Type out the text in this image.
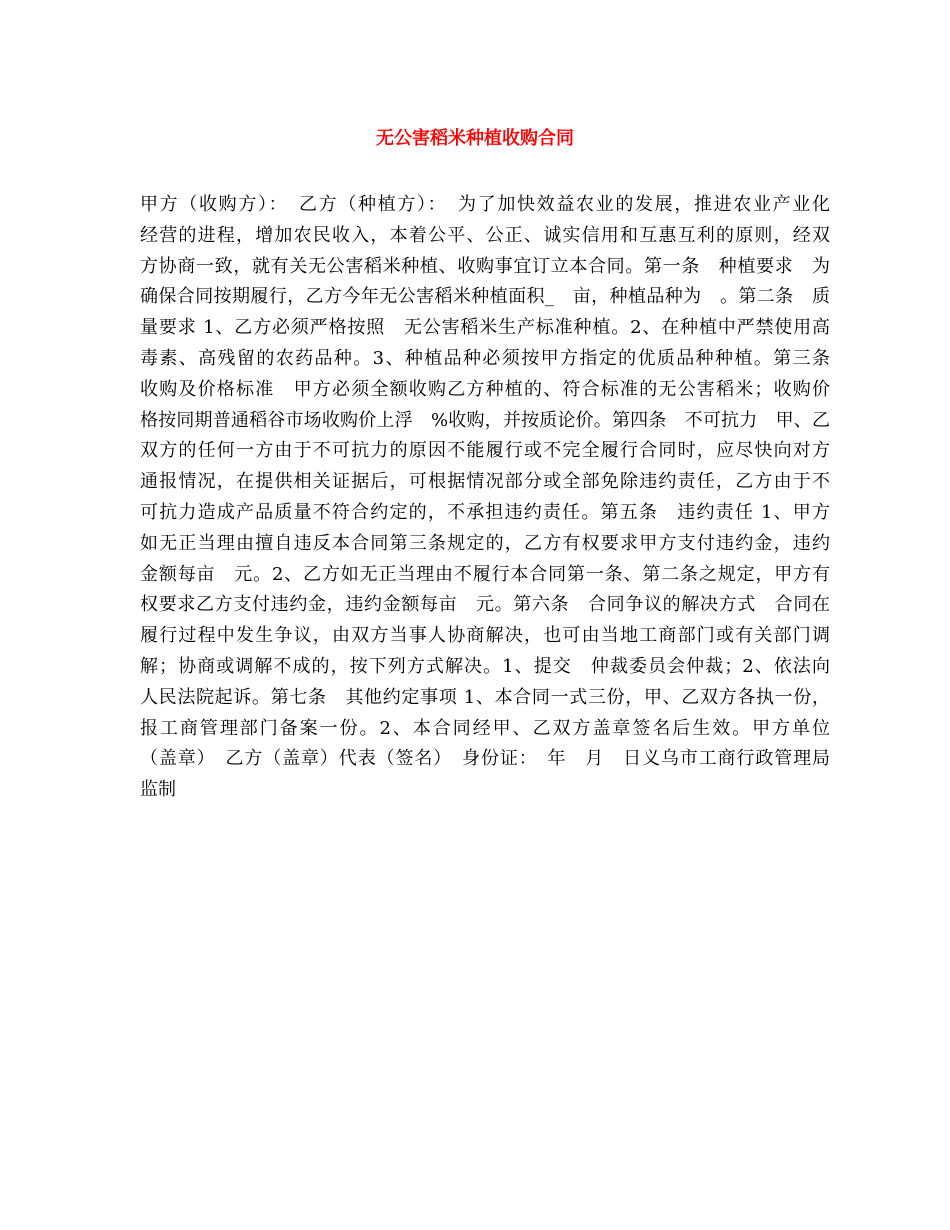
无公害稻米种植收购合同
甲方（收购方）：　乙方（种植方）：　为了加快效益农业的发展，推进农业产业化
经营的进程，增加农民收入，本着公平、公正、诚实信用和互惠互利的原则，经双
方协商一致，就有关无公害稻米种植、收购事宜订立本合同。第一条　种植要求　为
确保合同按期履行，乙方今年无公害稻米种植面积_　亩，种植品种为　。第二条　质
量要求 1、乙方必须严格按照　无公害稻米生产标准种植。2、在种植中严禁使用高
毒素、高残留的农药品种。3、种植品种必须按甲方指定的优质品种种植。第三条
收购及价格标准　甲方必须全额收购乙方种植的、符合标准的无公害稻米；收购价
格按同期普通稻谷市场收购价上浮　%收购，并按质论价。第四条　不可抗力　甲、乙
双方的任何一方由于不可抗力的原因不能履行或不完全履行合同时，应尽快向对方
通报情况，在提供相关证据后，可根据情况部分或全部免除违约责任，乙方由于不
可抗力造成产品质量不符合约定的，不承担违约责任。第五条　违约责任 1、甲方
如无正当理由擅自违反本合同第三条规定的，乙方有权要求甲方支付违约金，违约
金额每亩　元。2、乙方如无正当理由不履行本合同第一条、第二条之规定，甲方有
权要求乙方支付违约金，违约金额每亩　元。第六条　合同争议的解决方式　合同在
履行过程中发生争议，由双方当事人协商解决，也可由当地工商部门或有关部门调
解；协商或调解不成的，按下列方式解决。1、提交　仲裁委员会仲裁；2、依法向
人民法院起诉。第七条　其他约定事项 1、本合同一式三份，甲、乙双方各执一份，
报工商管理部门备案一份。2、本合同经甲、乙双方盖章签名后生效。甲方单位
（盖章）　乙方（盖章）代表（签名）　身份证：　年　月　日义乌市工商行政管理局
监制
